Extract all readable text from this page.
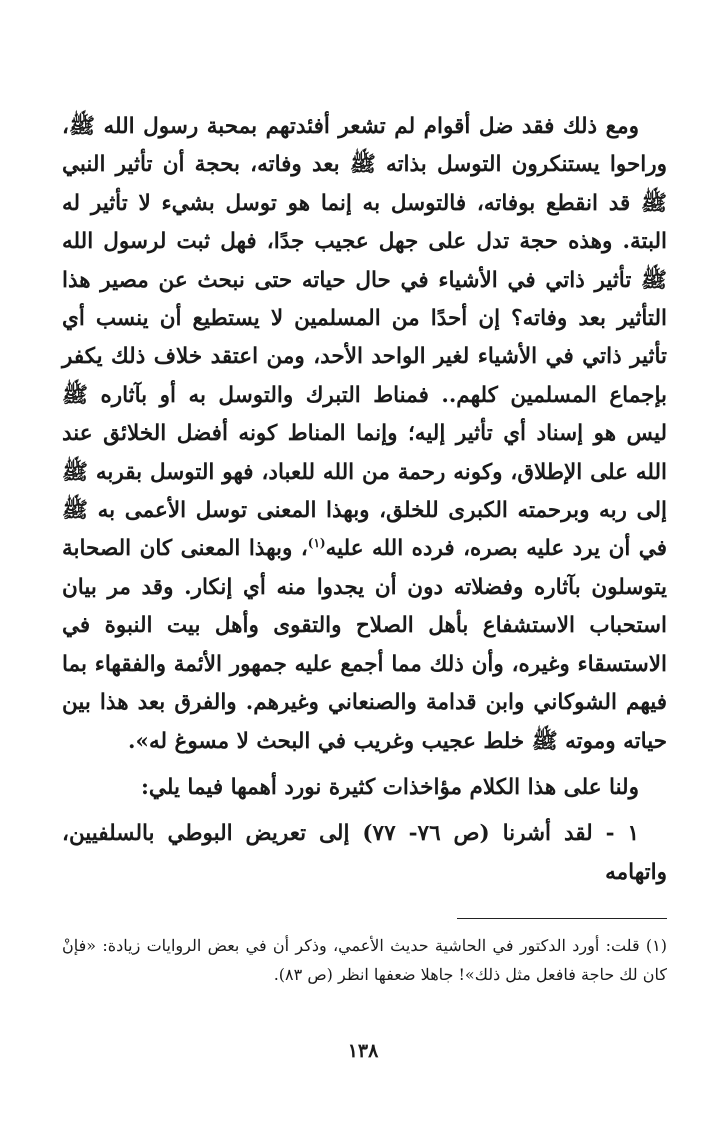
ومع ذلك فقد ضل أقوام لم تشعر أفئدتهم بمحبة رسول الله ﷺ، وراحوا يستنكرون التوسل بذاته ﷺ بعد وفاته، بحجة أن تأثير النبي ﷺ قد انقطع بوفاته، فالتوسل به إنما هو توسل بشيء لا تأثير له البتة. وهذه حجة تدل على جهل عجيب جدًا، فهل ثبت لرسول الله ﷺ تأثير ذاتي في الأشياء في حال حياته حتى نبحث عن مصير هذا التأثير بعد وفاته؟ إن أحدًا من المسلمين لا يستطيع أن ينسب أي تأثير ذاتي في الأشياء لغير الواحد الأحد، ومن اعتقد خلاف ذلك يكفر بإجماع المسلمين كلهم.. فمناط التبرك والتوسل به أو بآثاره ﷺ ليس هو إسناد أي تأثير إليه؛ وإنما المناط كونه أفضل الخلائق عند الله على الإطلاق، وكونه رحمة من الله للعباد، فهو التوسل بقربه ﷺ إلى ربه وبرحمته الكبرى للخلق، وبهذا المعنى توسل الأعمى به ﷺ في أن يرد عليه بصره، فرده الله عليه$^{(١)}$، وبهذا المعنى كان الصحابة يتوسلون بآثاره وفضلاته دون أن يجدوا منه أي إنكار. وقد مر بيان استحباب الاستشفاع بأهل الصلاح والتقوى وأهل بيت النبوة في الاستسقاء وغيره، وأن ذلك مما أجمع عليه جمهور الأئمة والفقهاء بما فيهم الشوكاني وابن قدامة والصنعاني وغيرهم. والفرق بعد هذا بين حياته وموته ﷺ خلط عجيب وغريب في البحث لا مسوغ له».

ولنا على هذا الكلام مؤاخذات كثيرة نورد أهمها فيما يلي:

١ - لقد أشرنا (ص ٧٦- ٧٧) إلى تعريض البوطي بالسلفيين، واتهامه

(١) قلت: أورد الدكتور في الحاشية حديث الأعمي، وذكر أن في بعض الروايات زيادة: «فإنْ كان لك حاجة فافعل مثل ذلك»! جاهلا ضعفها انظر (ص ٨٣).

١٣٨
